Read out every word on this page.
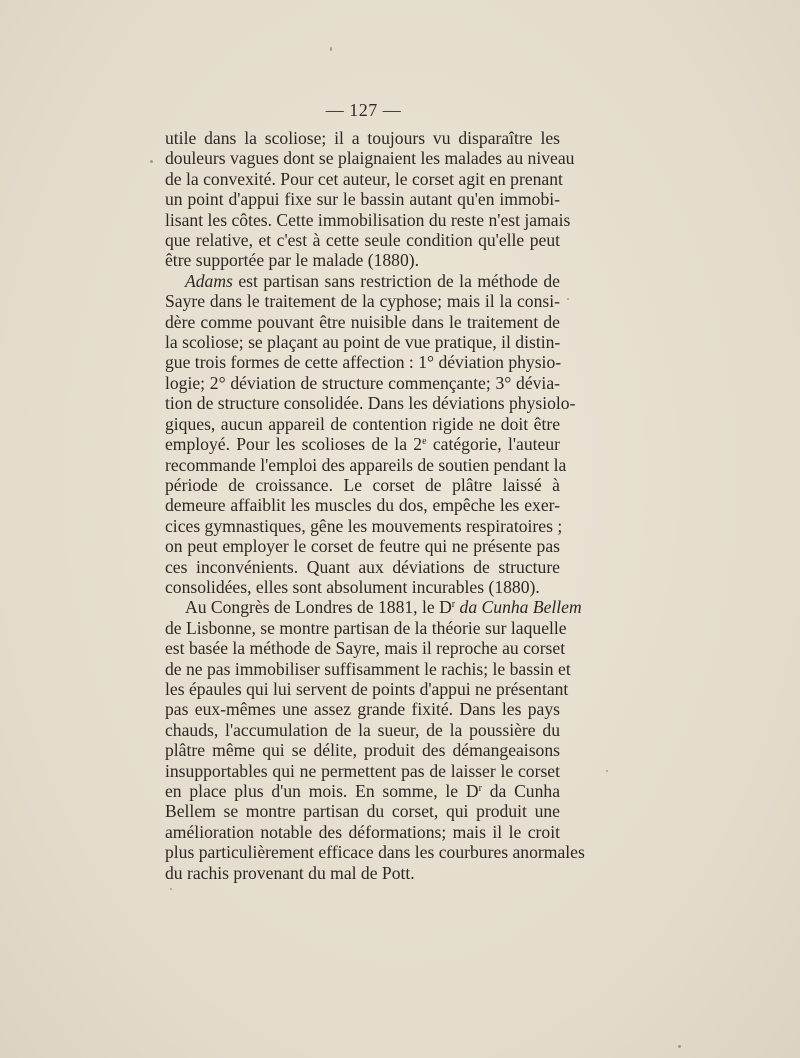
— 127 —
utile dans la scoliose; il a toujours vu disparaître les
douleurs vagues dont se plaignaient les malades au niveau
de la convexité. Pour cet auteur, le corset agit en prenant
un point d'appui fixe sur le bassin autant qu'en immobi-
lisant les côtes. Cette immobilisation du reste n'est jamais
que relative, et c'est à cette seule condition qu'elle peut
être supportée par le malade (1880).
Adams est partisan sans restriction de la méthode de
Sayre dans le traitement de la cyphose; mais il la consi-
dère comme pouvant être nuisible dans le traitement de
la scoliose; se plaçant au point de vue pratique, il distin-
gue trois formes de cette affection : 1° déviation physio-
logie; 2° déviation de structure commençante; 3° dévia-
tion de structure consolidée. Dans les déviations physiolo-
giques, aucun appareil de contention rigide ne doit être
employé. Pour les scolioses de la 2e catégorie, l'auteur
recommande l'emploi des appareils de soutien pendant la
période de croissance. Le corset de plâtre laissé à
demeure affaiblit les muscles du dos, empêche les exer-
cices gymnastiques, gêne les mouvements respiratoires ;
on peut employer le corset de feutre qui ne présente pas
ces inconvénients. Quant aux déviations de structure
consolidées, elles sont absolument incurables (1880).
Au Congrès de Londres de 1881, le $D^r$ da Cunha Bellem
de Lisbonne, se montre partisan de la théorie sur laquelle
est basée la méthode de Sayre, mais il reproche au corset
de ne pas immobiliser suffisamment le rachis; le bassin et
les épaules qui lui servent de points d'appui ne présentant
pas eux-mêmes une assez grande fixité. Dans les pays
chauds, l'accumulation de la sueur, de la poussière du
plâtre même qui se délite, produit des démangeaisons
insupportables qui ne permettent pas de laisser le corset
en place plus d'un mois. En somme, le $D^r$ da Cunha
Bellem se montre partisan du corset, qui produit une
amélioration notable des déformations; mais il le croit
plus particulièrement efficace dans les courbures anormales
du rachis provenant du mal de Pott.
